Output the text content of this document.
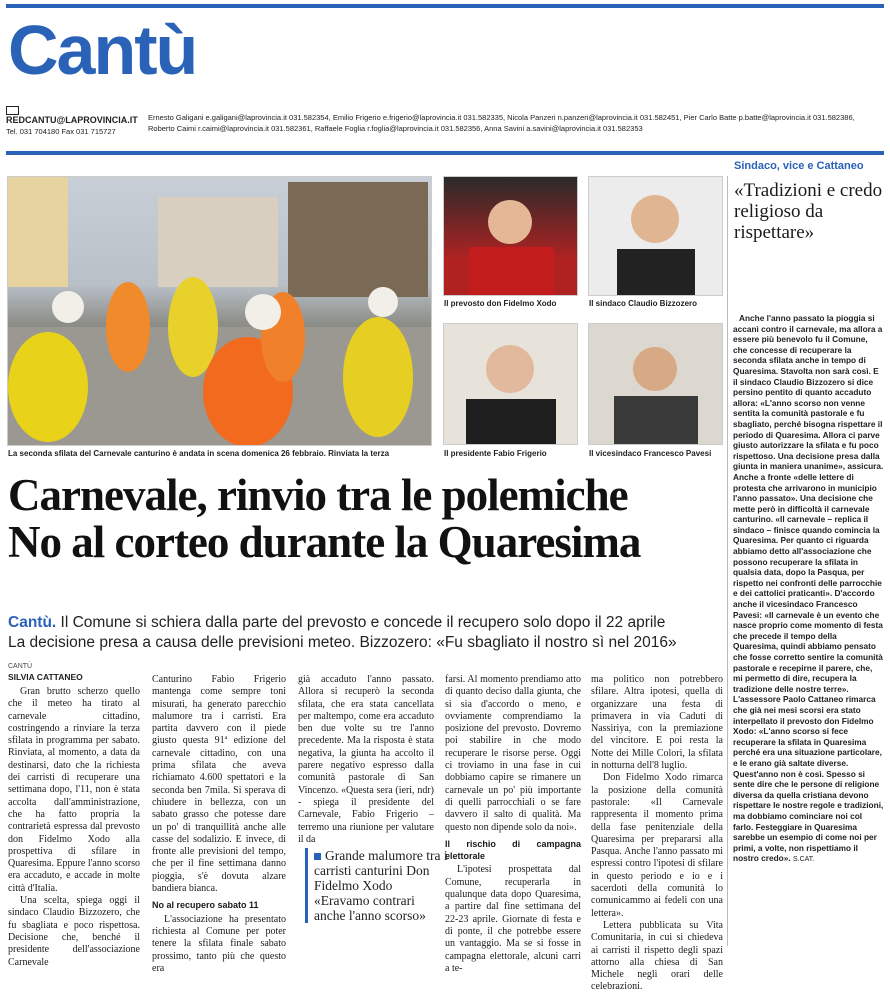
Cantù
REDCANTU@LAPROVINCIA.IT
Tel. 031 704180 Fax 031 715727

Ernesto Galigani e.galigani@laprovincia.it 031.582354, Emilio Frigerio e.frigerio@laprovincia.it 031.582335, Nicola Panzeri n.panzeri@laprovincia.it 031.582451, Pier Carlo Batte p.batte@laprovincia.it 031.582386,

Roberto Caimi r.caimi@laprovincia.it 031.582361, Raffaele Foglia r.foglia@laprovincia.it 031.582356, Anna Savini a.savini@laprovincia.it 031.582353

La seconda sfilata del Carnevale canturino è andata in scena domenica 26 febbraio. Rinviata la terza
Il prevosto don Fidelmo Xodo	Il sindaco Claudio Bizzozero
Il presidente Fabio Frigerio	Il vicesindaco Francesco Pavesi
Carnevale, rinvio tra le polemiche
No al corteo durante la Quaresima
Cantù. Il Comune si schiera dalla parte del prevosto e concede il recupero solo dopo il 22 aprile
La decisione presa a causa delle previsioni meteo. Bizzozero: «Fu sbagliato il nostro sì nel 2016»
CANTÙ
SILVIA CATTANEO

Gran brutto scherzo quello che il meteo ha tirato al carnevale cittadino, costringendo a rinviare la terza sfilata in programma per sabato. Rinviata, al momento, a data da destinarsi, dato che la richiesta dei carristi di recuperare una settimana dopo, l'11, non è stata accolta dall'amministrazione, che ha fatto propria la contrarietà espressa dal prevosto don Fidelmo Xodo alla prospettiva di sfilare in Quaresima. Eppure l'anno scorso era accaduto, e accade in molte città d'Italia.

Una scelta, spiega oggi il sindaco Claudio Bizzozero, che fu sbagliata e poco rispettosa. Decisione che, benché il presidente dell'associazione Carnevale

Canturino Fabio Frigerio mantenga come sempre toni misurati, ha generato parecchio malumore tra i carristi. Era partita davvero con il piede giusto questa 91ª edizione del carnevale cittadino, con una prima sfilata che aveva richiamato 4.600 spettatori e la seconda ben 7mila. Si sperava di chiudere in bellezza, con un sabato grasso che potesse dare un po' di tranquillità anche alle casse del sodalizio. E invece, di fronte alle previsioni del tempo, che per il fine settimana danno pioggia, s'è dovuta alzare bandiera bianca.

No al recupero sabato 11

L'associazione ha presentato richiesta al Comune per poter tenere la sfilata finale sabato prossimo, tanto più che questo era

già accaduto l'anno passato. Allora si recuperò la seconda sfilata, che era stata cancellata per maltempo, come era accaduto ben due volte su tre l'anno precedente. Ma la risposta è stata negativa, la giunta ha accolto il parere negativo espresso dalla comunità pastorale di San Vincenzo. «Questa sera (ieri, ndr) - spiega il presidente del Carnevale, Fabio Frigerio – terremo una riunione per valutare il da

Grande malumore tra i carristi canturini Don Fidelmo Xodo «Eravamo contrari anche l'anno scorso»

farsi. Al momento prendiamo atto di quanto deciso dalla giunta, che si sia d'accordo o meno, e ovviamente comprendiamo la posizione del prevosto. Dovremo poi stabilire in che modo recuperare le risorse perse. Oggi ci troviamo in una fase in cui dobbiamo capire se rimanere un carnevale un po' più importante di quelli parrocchiali o se fare davvero il salto di qualità. Ma questo non dipende solo da noi».

Il rischio di campagna elettorale

L'ipotesi prospettata dal Comune, recuperarla in qualunque data dopo Quaresima, a partire dal fine settimana del 22-23 aprile. Giornate di festa e di ponte, il che potrebbe essere un vantaggio. Ma se si fosse in campagna elettorale, alcuni carri a te-

ma politico non potrebbero sfilare. Altra ipotesi, quella di organizzare una festa di primavera in via Caduti di Nassiriya, con la premiazione del vincitore. E poi resta la Notte dei Mille Colori, la sfilata in notturna dell'8 luglio.

Don Fidelmo Xodo rimarca la posizione della comunità pastorale: «Il Carnevale rappresenta il momento prima della fase penitenziale della Quaresima per prepararsi alla Pasqua. Anche l'anno passato mi espressi contro l'ipotesi di sfilare in questo periodo e io e i sacerdoti della comunità lo comunicammo ai fedeli con una lettera».

Lettera pubblicata su Vita Comunitaria, in cui si chiedeva ai carristi il rispetto degli spazi attorno alla chiesa di San Michele negli orari delle celebrazioni.

Sindaco, vice e Cattaneo
«Tradizioni e credo religioso da rispettare»

Anche l'anno passato la pioggia si accanì contro il carnevale, ma allora a essere più benevolo fu il Comune, che concesse di recuperare la seconda sfilata anche in tempo di Quaresima. Stavolta non sarà così. E il sindaco Claudio Bizzozero si dice persino pentito di quanto accaduto allora: «L'anno scorso non venne sentita la comunità pastorale e fu sbagliato, perché bisogna rispettare il periodo di Quaresima. Allora ci parve giusto autorizzare la sfilata e fu poco rispettoso. Una decisione presa dalla giunta in maniera unanime», assicura. Anche a fronte «delle lettere di protesta che arrivarono in municipio l'anno passato». Una decisione che mette però in difficoltà il carnevale canturino. «Il carnevale – replica il sindaco – finisce quando comincia la Quaresima. Per quanto ci riguarda abbiamo detto all'associazione che possono recuperare la sfilata in qualsia data, dopo la Pasqua, per rispetto nei confronti delle parrocchie e dei cattolici praticanti». D'accordo anche il vicesindaco Francesco Pavesi: «Il carnevale è un evento che nasce proprio come momento di festa che precede il tempo della Quaresima, quindi abbiamo pensato che fosse corretto sentire la comunità pastorale e recepirne il parere, che, mi permetto di dire, recupera la tradizione delle nostre terre». L'assessore Paolo Cattaneo rimarca che già nei mesi scorsi era stato interpellato il prevosto don Fidelmo Xodo: «L'anno scorso si fece recuperare la sfilata in Quaresima perché era una situazione particolare, e le erano già saltate diverse. Quest'anno non è così. Spesso si sente dire che le persone di religione diversa da quella cristiana devono rispettare le nostre regole e tradizioni, ma dobbiamo cominciare noi col farlo. Festeggiare in Quaresima sarebbe un esempio di come noi per primi, a volte, non rispettiamo il nostro credo». S.CAT.
